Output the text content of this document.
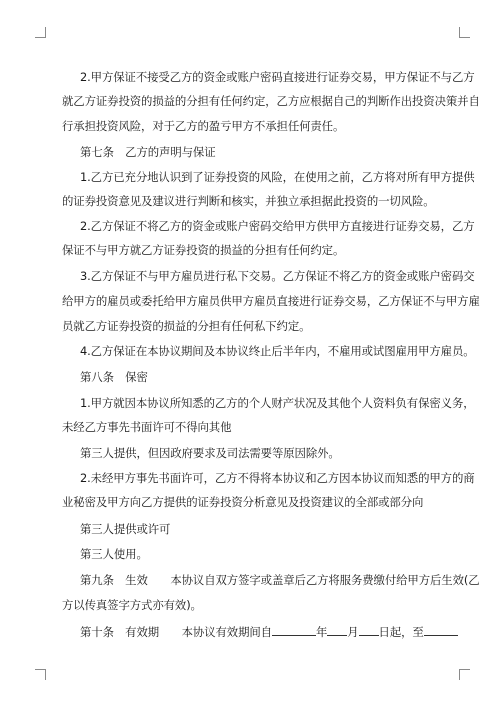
2.甲方保证不接受乙方的资金或账户密码直接进行证券交易，甲方保证不与乙方
就乙方证券投资的损益的分担有任何约定，乙方应根据自己的判断作出投资决策并自
行承担投资风险，对于乙方的盈亏甲方不承担任何责任。
第七条　乙方的声明与保证
1.乙方已充分地认识到了证券投资的风险，在使用之前，乙方将对所有甲方提供
的证券投资意见及建议进行判断和核实，并独立承担据此投资的一切风险。
2.乙方保证不将乙方的资金或账户密码交给甲方供甲方直接进行证券交易，乙方
保证不与甲方就乙方证券投资的损益的分担有任何约定。
3.乙方保证不与甲方雇员进行私下交易。乙方保证不将乙方的资金或账户密码交
给甲方的雇员或委托给甲方雇员供甲方雇员直接进行证券交易，乙方保证不与甲方雇
员就乙方证券投资的损益的分担有任何私下约定。
4.乙方保证在本协议期间及本协议终止后半年内，不雇用或试图雇用甲方雇员。
第八条　保密
1.甲方就因本协议所知悉的乙方的个人财产状况及其他个人资料负有保密义务，
未经乙方事先书面许可不得向其他
第三人提供，但因政府要求及司法需要等原因除外。
2.未经甲方事先书面许可，乙方不得将本协议和乙方因本协议而知悉的甲方的商
业秘密及甲方向乙方提供的证券投资分析意见及投资建议的全部或部分向
第三人提供或许可
第三人使用。
第九条　生效　　本协议自双方签字或盖章后乙方将服务费缴付给甲方后生效(乙
方以传真签字方式亦有效)。
第十条　有效期　　本协议有效期间自	年 月 日起，至
